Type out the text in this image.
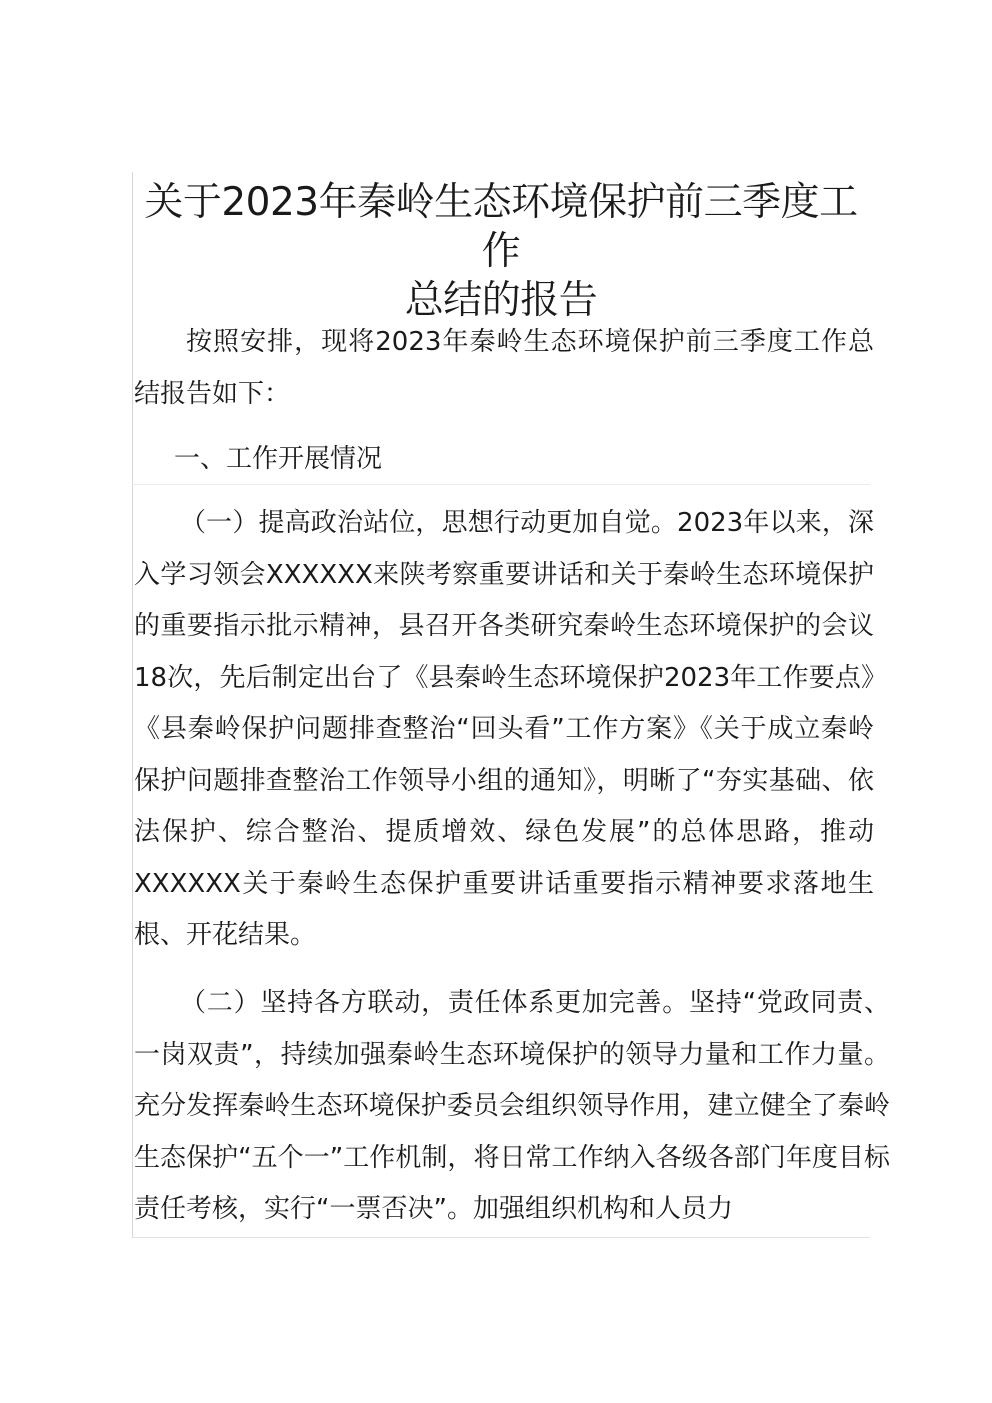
关于2023年秦岭生态环境保护前三季度工作
总结的报告

按照安排，现将2023年秦岭生态环境保护前三季度工作总结报告如下：

一、工作开展情况

（一）提高政治站位，思想行动更加自觉。2023年以来，深入学习领会XXXXXX来陕考察重要讲话和关于秦岭生态环境保护的重要指示批示精神，县召开各类研究秦岭生态环境保护的会议18次，先后制定出台了《县秦岭生态环境保护2023年工作要点》《县秦岭保护问题排查整治“回头看”工作方案》《关于成立秦岭保护问题排查整治工作领导小组的通知》，明晰了“夯实基础、依法保护、综合整治、提质增效、绿色发展”的总体思路，推动XXXXXX关于秦岭生态保护重要讲话重要指示精神要求落地生根、开花结果。

（二）坚持各方联动，责任体系更加完善。坚持“党政同责、一岗双责”，持续加强秦岭生态环境保护的领导力量和工作力量。充分发挥秦岭生态环境保护委员会组织领导作用，建立健全了秦岭生态保护“五个一”工作机制，将日常工作纳入各级各部门年度目标责任考核，实行“一票否决”。加强组织机构和人员力
